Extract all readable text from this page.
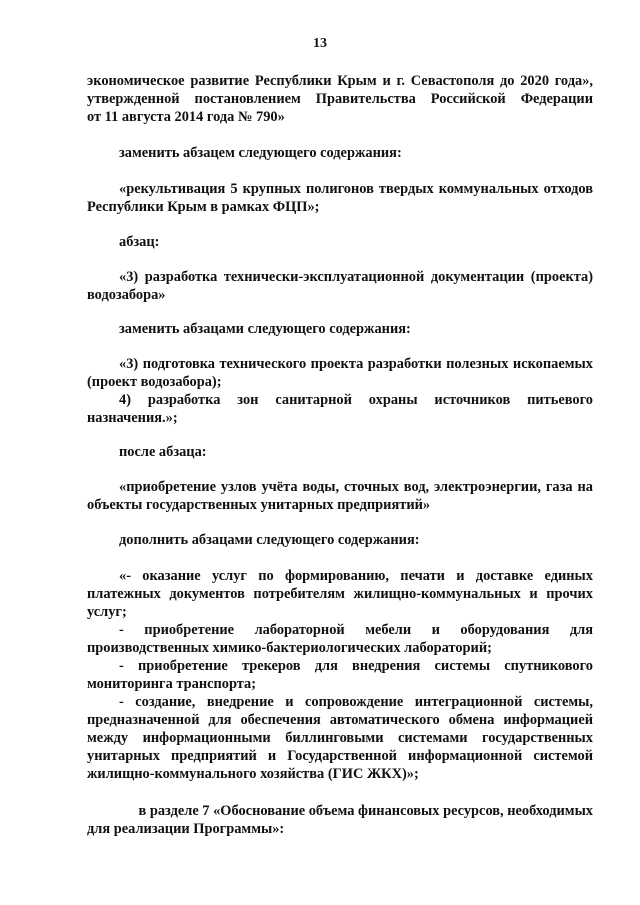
13
экономическое развитие Республики Крым и г. Севастополя до 2020 года»,
утвержденной постановлением Правительства Российской Федерации
от 11 августа 2014 года № 790»
заменить абзацем следующего содержания:
«рекультивация 5 крупных полигонов твердых коммунальных отходов
Республики Крым в рамках ФЦП»;
абзац:
«3) разработка технически-эксплуатационной документации (проекта)
водозабора»
заменить абзацами следующего содержания:
«3) подготовка технического проекта разработки полезных ископаемых
(проект водозабора);
4) разработка зон санитарной охраны источников питьевого
назначения.»;
после абзаца:
«приобретение узлов учёта воды, сточных вод, электроэнергии, газа на
объекты государственных унитарных предприятий»
дополнить абзацами следующего содержания:
«- оказание услуг по формированию, печати и доставке единых
платежных документов потребителям жилищно-коммунальных и прочих
услуг;
- приобретение лабораторной мебели и оборудования для
производственных химико-бактериологических лабораторий;
- приобретение трекеров для внедрения системы спутникового
мониторинга транспорта;
- создание, внедрение и сопровождение интеграционной системы,
предназначенной для обеспечения автоматического обмена информацией
между информационными биллинговыми системами государственных
унитарных предприятий и Государственной информационной системой
жилищно-коммунального хозяйства (ГИС ЖКХ)»;
в разделе 7 «Обоснование объема финансовых ресурсов, необходимых
для реализации Программы»:
